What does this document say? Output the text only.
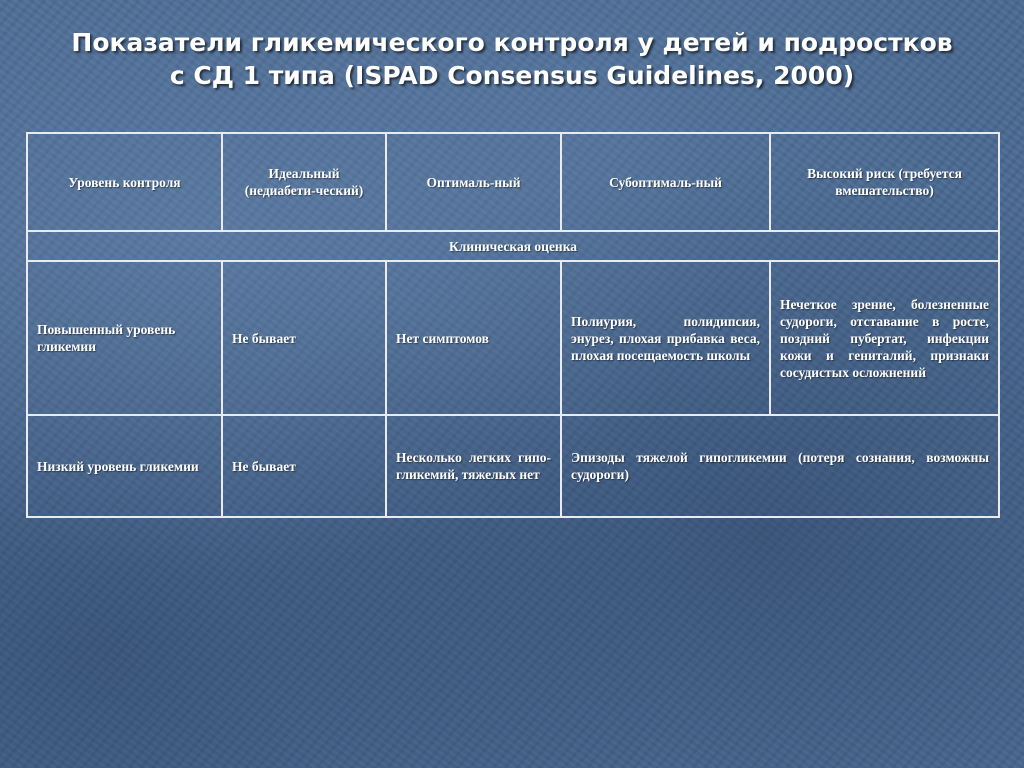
Показатели гликемического контроля у детей и подростков
с СД 1 типа (ISPAD Consensus Guidelines, 2000)
Уровень контроля	Идеальный (недиабети-ческий)	Оптималь-ный	Субоптималь-ный	Высокий риск (требуется вмешательство)
Клиническая оценка				
Повышенный уровень гликемии	Не бывает	Нет симптомов	Полиурия, полидипсия, энурез, плохая прибавка веса, плохая посещаемость школы	Нечеткое зрение, болезненные судороги, отставание в росте, поздний пубертат, инфекции кожи и гениталий, признаки сосудистых осложнений
Низкий уровень гликемии	Не бывает	Несколько легких гипо-гликемий, тяжелых нет	Эпизоды тяжелой гипогликемии (потеря сознания, возможны судороги)	
